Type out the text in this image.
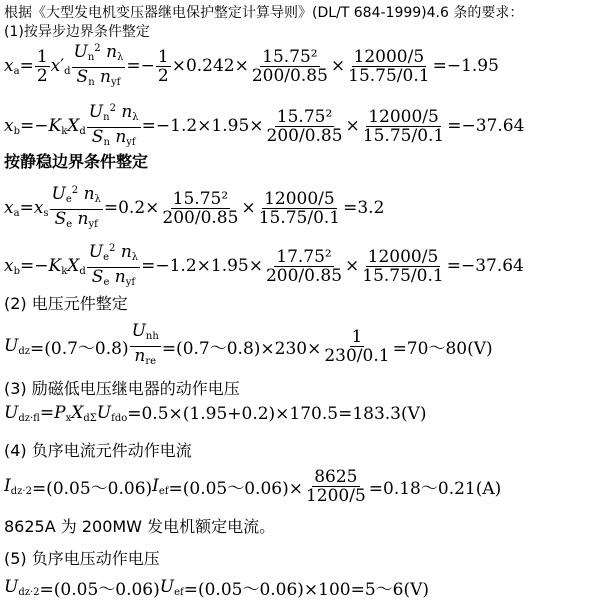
根据《大型发电机变压器继电保护整定计算导则》(DL/T 684-1999)4.6 条的要求：
(1)按异步边界条件整定
$x_a= \frac{1}{2} x'_d \frac{U_n^2 n_\lambda}{S_n n_{yf}} =- \frac{1}{2} \times 0.242\times \frac{\text{15.75²}}{200/0.85} \times \frac{12000/5}{15.75/0.1} =-1.95$
$x_b=-K_kX_d \frac{U_n^2 n_\lambda}{S_n n_{yf}} =-1.2\times 1.95\times \frac{\text{15.75²}}{200/0.85} \times \frac{12000/5}{15.75/0.1} =-37.64$
按静稳边界条件整定
$x_a=x_s \frac{U_e^2 n_\lambda}{S_e n_{yf}} =0.2\times \frac{\text{15.75²}}{200/0.85} \times \frac{12000/5}{15.75/0.1} =3.2$
$x_b=-K_kX_d \frac{U_e^2 n_\lambda}{S_e n_{yf}} =-1.2\times 1.95\times \frac{\text{17.75²}}{200/0.85} \times \frac{12000/5}{15.75/0.1} =-37.64$
(2) 电压元件整定
$U_{dz}$ =(0.7～0.8) $\frac{U_{nh}}{n_{re}}$ =(0.7～0.8)×230× $\frac{1}{230/0.1}$ =70～80(V)
(3) 励磁低电压继电器的动作电压
$U_{dz\cdot fl}=P_xX_{d\Sigma}U_{fdo} =0.5\times(1.95+0.2)\times 170.5=183.3(V)$
(4) 负序电流元件动作电流
$I_{dz\cdot 2}$ =(0.05～0.06) $I_{ef}$ =(0.05～0.06)× $\frac{8625}{1200/5}$ =0.18～0.21(A)
8625A 为 200MW 发电机额定电流。
(5) 负序电压动作电压
$U_{dz\cdot 2}$ =(0.05～0.06) $U_{ef}$ =(0.05～0.06)×100=5～6(V)
